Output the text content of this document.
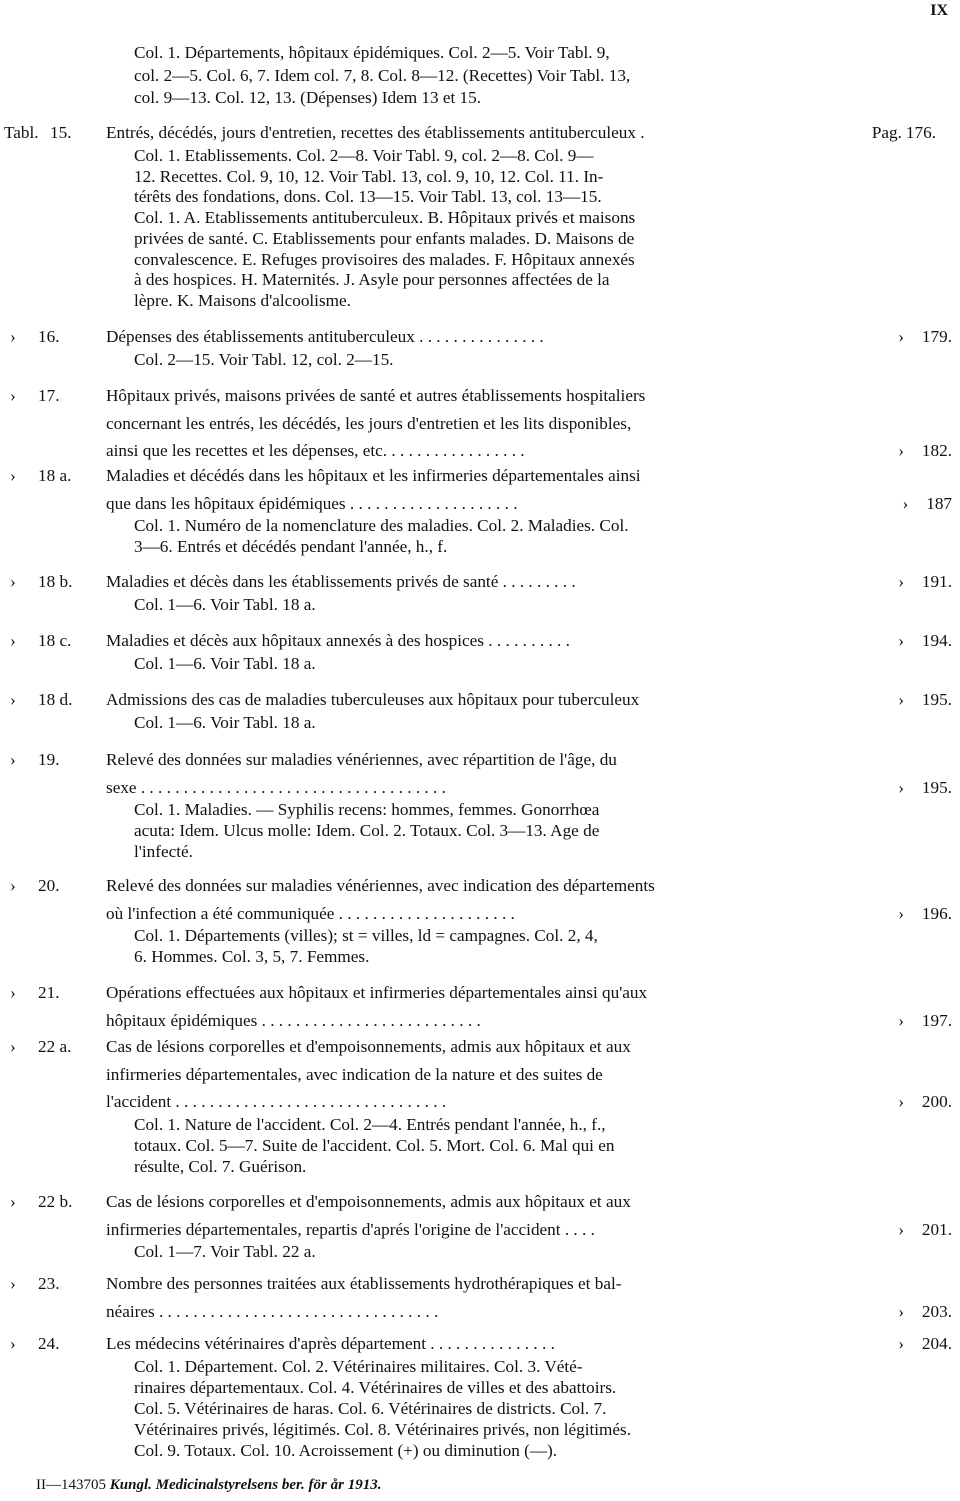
IX
Col. 1. Départements, hôpitaux épidémiques. Col. 2—5. Voir Tabl. 9,
col. 2—5. Col. 6, 7. Idem col. 7, 8. Col. 8—12. (Recettes) Voir Tabl. 13,
col. 9—13. Col. 12, 13. (Dépenses) Idem 13 et 15.
Tabl. 15.	Entrés, décédés, jours d'entretien, recettes des établissements antituberculeux .	Pag. 176.
Col. 1. Etablissements. Col. 2—8. Voir Tabl. 9, col. 2—8. Col. 9—
12. Recettes. Col. 9, 10, 12. Voir Tabl. 13, col. 9, 10, 12. Col. 11. In-
térêts des fondations, dons. Col. 13—15. Voir Tabl. 13, col. 13—15.
Col. 1. A. Etablissements antituberculeux. B. Hôpitaux privés et maisons
privées de santé. C. Etablissements pour enfants malades. D. Maisons de
convalescence. E. Refuges provisoires des malades. F. Hôpitaux annexés
à des hospices. H. Maternités. J. Asyle pour personnes affectées de la
lèpre. K. Maisons d'alcoolisme.
› 16.	Dépenses des établissements antituberculeux . . . . . . . . . . . . . . .	› 179.
Col. 2—15. Voir Tabl. 12, col. 2—15.
› 17.	Hôpitaux privés, maisons privées de santé et autres établissements hospitaliers
concernant les entrés, les décédés, les jours d'entretien et les lits disponibles,
ainsi que les recettes et les dépenses, etc. . . . . . . . . . . . . . . . .	› 182.
› 18 a.	Maladies et décédés dans les hôpitaux et les infirmeries départementales ainsi
que dans les hôpitaux épidémiques . . . . . . . . . . . . . . . . . . . .	› 187
Col. 1. Numéro de la nomenclature des maladies. Col. 2. Maladies. Col.
3—6. Entrés et décédés pendant l'année, h., f.
› 18 b.	Maladies et décès dans les établissements privés de santé . . . . . . . . .	› 191.
Col. 1—6. Voir Tabl. 18 a.
› 18 c.	Maladies et décès aux hôpitaux annexés à des hospices . . . . . . . . . .	› 194.
Col. 1—6. Voir Tabl. 18 a.
› 18 d.	Admissions des cas de maladies tuberculeuses aux hôpitaux pour tuberculeux	› 195.
Col. 1—6. Voir Tabl. 18 a.
› 19.	Relevé des données sur maladies vénériennes, avec répartition de l'âge, du
sexe . . . . . . . . . . . . . . . . . . . . . . . . . . . . . . . . . . . .	› 195.
Col. 1. Maladies. — Syphilis recens: hommes, femmes. Gonorrhœa
acuta: Idem. Ulcus molle: Idem. Col. 2. Totaux. Col. 3—13. Age de
l'infecté.
› 20.	Relevé des données sur maladies vénériennes, avec indication des départements
où l'infection a été communiquée . . . . . . . . . . . . . . . . . . . . .	› 196.
Col. 1. Départements (villes); st = villes, ld = campagnes. Col. 2, 4,
6. Hommes. Col. 3, 5, 7. Femmes.
› 21.	Opérations effectuées aux hôpitaux et infirmeries départementales ainsi qu'aux
hôpitaux épidémiques . . . . . . . . . . . . . . . . . . . . . . . . . .	› 197.
› 22 a.	Cas de lésions corporelles et d'empoisonnements, admis aux hôpitaux et aux
infirmeries départementales, avec indication de la nature et des suites de
l'accident . . . . . . . . . . . . . . . . . . . . . . . . . . . . . . . .	› 200.
Col. 1. Nature de l'accident. Col. 2—4. Entrés pendant l'année, h., f.,
totaux. Col. 5—7. Suite de l'accident. Col. 5. Mort. Col. 6. Mal qui en
résulte, Col. 7. Guérison.
› 22 b.	Cas de lésions corporelles et d'empoisonnements, admis aux hôpitaux et aux
infirmeries départementales, repartis d'aprés l'origine de l'accident . . . .	› 201.
Col. 1—7. Voir Tabl. 22 a.
› 23.	Nombre des personnes traitées aux établissements hydrothérapiques et bal-
néaires . . . . . . . . . . . . . . . . . . . . . . . . . . . . . . . . .	› 203.
› 24.	Les médecins vétérinaires d'après département . . . . . . . . . . . . . . .	› 204.
Col. 1. Département. Col. 2. Vétérinaires militaires. Col. 3. Vété-
rinaires départementaux. Col. 4. Vétérinaires de villes et des abattoirs.
Col. 5. Vétérinaires de haras. Col. 6. Vétérinaires de districts. Col. 7.
Vétérinaires privés, légitimés. Col. 8. Vétérinaires privés, non légitimés.
Col. 9. Totaux. Col. 10. Acroissement (+) ou diminution (—).
II—143705 Kungl. Medicinalstyrelsens ber. för år 1913.
